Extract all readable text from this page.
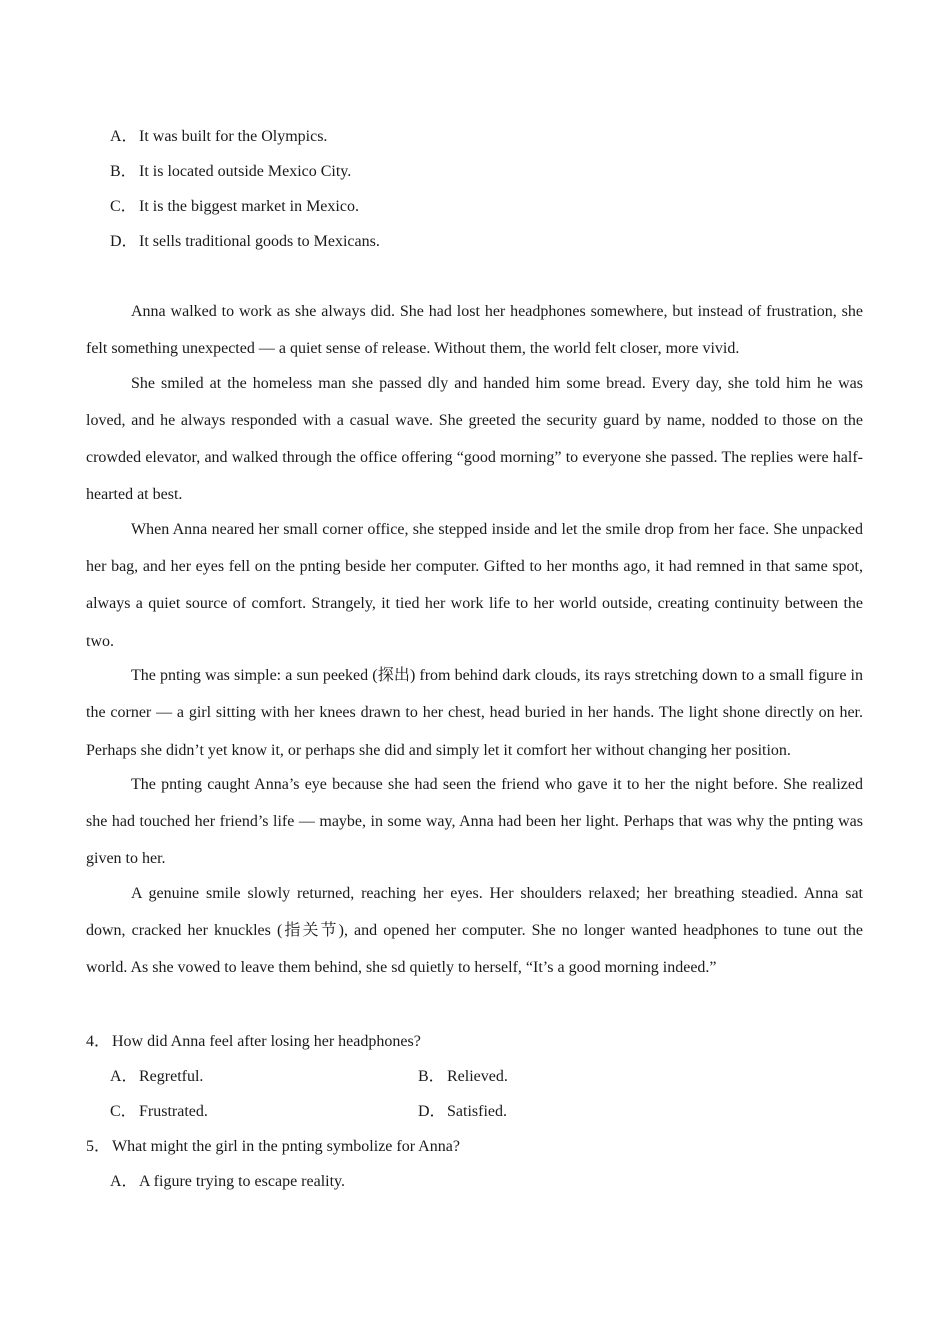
A．It was built for the Olympics.
B． It is located outside Mexico City.
C． It is the biggest market in Mexico.
D．It sells traditional goods to Mexicans.

Anna walked to work as she always did. She had lost her headphones somewhere, but instead of frustration, she felt something unexpected — a quiet sense of release. Without them, the world felt closer, more vivid.

She smiled at the homeless man she passed dly and handed him some bread. Every day, she told him he was loved, and he always responded with a casual wave. She greeted the security guard by name, nodded to those on the crowded elevator, and walked through the office offering “good morning” to everyone she passed. The replies were half-hearted at best.

When Anna neared her small corner office, she stepped inside and let the smile drop from her face. She unpacked her bag, and her eyes fell on the pnting beside her computer. Gifted to her months ago, it had remned in that same spot, always a quiet source of comfort. Strangely, it tied her work life to her world outside, creating continuity between the two.

The pnting was simple: a sun peeked (探出) from behind dark clouds, its rays stretching down to a small figure in the corner — a girl sitting with her knees drawn to her chest, head buried in her hands. The light shone directly on her. Perhaps she didn’t yet know it, or perhaps she did and simply let it comfort her without changing her position.

The pnting caught Anna’s eye because she had seen the friend who gave it to her the night before. She realized she had touched her friend’s life — maybe, in some way, Anna had been her light. Perhaps that was why the pnting was given to her.

A genuine smile slowly returned, reaching her eyes. Her shoulders relaxed; her breathing steadied. Anna sat down, cracked her knuckles (指关节), and opened her computer. She no longer wanted headphones to tune out the world. As she vowed to leave them behind, she sd quietly to herself, “It’s a good morning indeed.”

4． How did Anna feel after losing her headphones?
A．Regretful.	B． Relieved.
C． Frustrated.	D．Satisfied.
5． What might the girl in the pnting symbolize for Anna?
A．A figure trying to escape reality.
